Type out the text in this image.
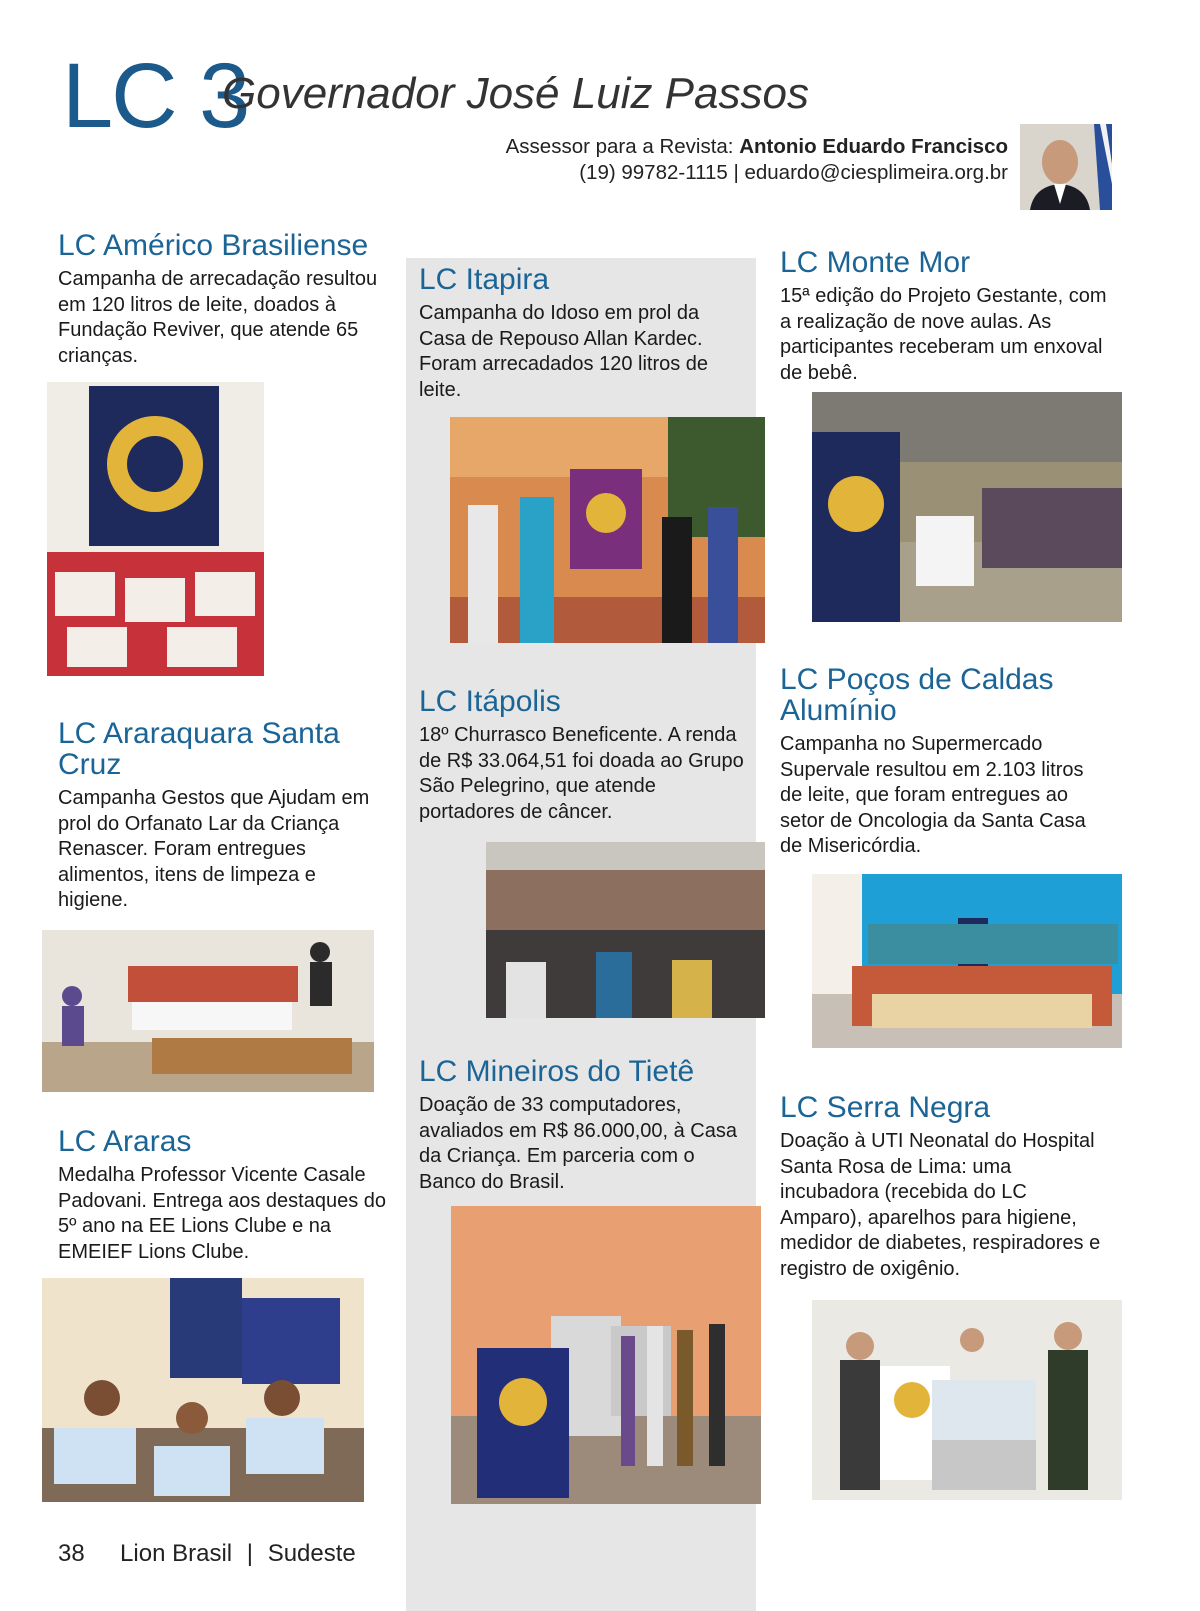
LC 3
Governador José Luiz Passos
Assessor para a Revista: Antonio Eduardo Francisco
(19) 99782-1115 | eduardo@ciesplimeira.org.br
LC Américo Brasiliense

Campanha de arrecadação resultou em 120 litros de leite, doados à Fundação Reviver, que atende 65 crianças.

LC Araraquara Santa Cruz

Campanha Gestos que Ajudam em prol do Orfanato Lar da Criança Renascer. Foram entregues alimentos, itens de limpeza e higiene.

LC Araras

Medalha Professor Vicente Casale Padovani. Entrega aos destaques do 5º ano na EE Lions Clube e na EMEIEF Lions Clube.

LC Itapira

Campanha do Idoso em prol da Casa de Repouso Allan Kardec. Foram arrecadados 120 litros de leite.

LC Itápolis

18º Churrasco Beneficente. A renda de R$ 33.064,51 foi doada ao Grupo São Pelegrino, que atende portadores de câncer.

LC Mineiros do Tietê

Doação de 33 computadores, avaliados em R$ 86.000,00, à Casa da Criança. Em parceria com o Banco do Brasil.

LC Monte Mor

15ª edição do Projeto Gestante, com a realização de nove aulas. As participantes receberam um enxoval de bebê.

LC Poços de Caldas Alumínio

Campanha no Supermercado Supervale resultou em 2.103 litros de leite, que foram entregues ao setor de Oncologia da Santa Casa de Misericórdia.

LC Serra Negra

Doação à UTI Neonatal do Hospital Santa Rosa de Lima: uma incubadora (recebida do LC Amparo), aparelhos para higiene, medidor de diabetes, respiradores e registro de oxigênio.

38 Lion Brasil | Sudeste
